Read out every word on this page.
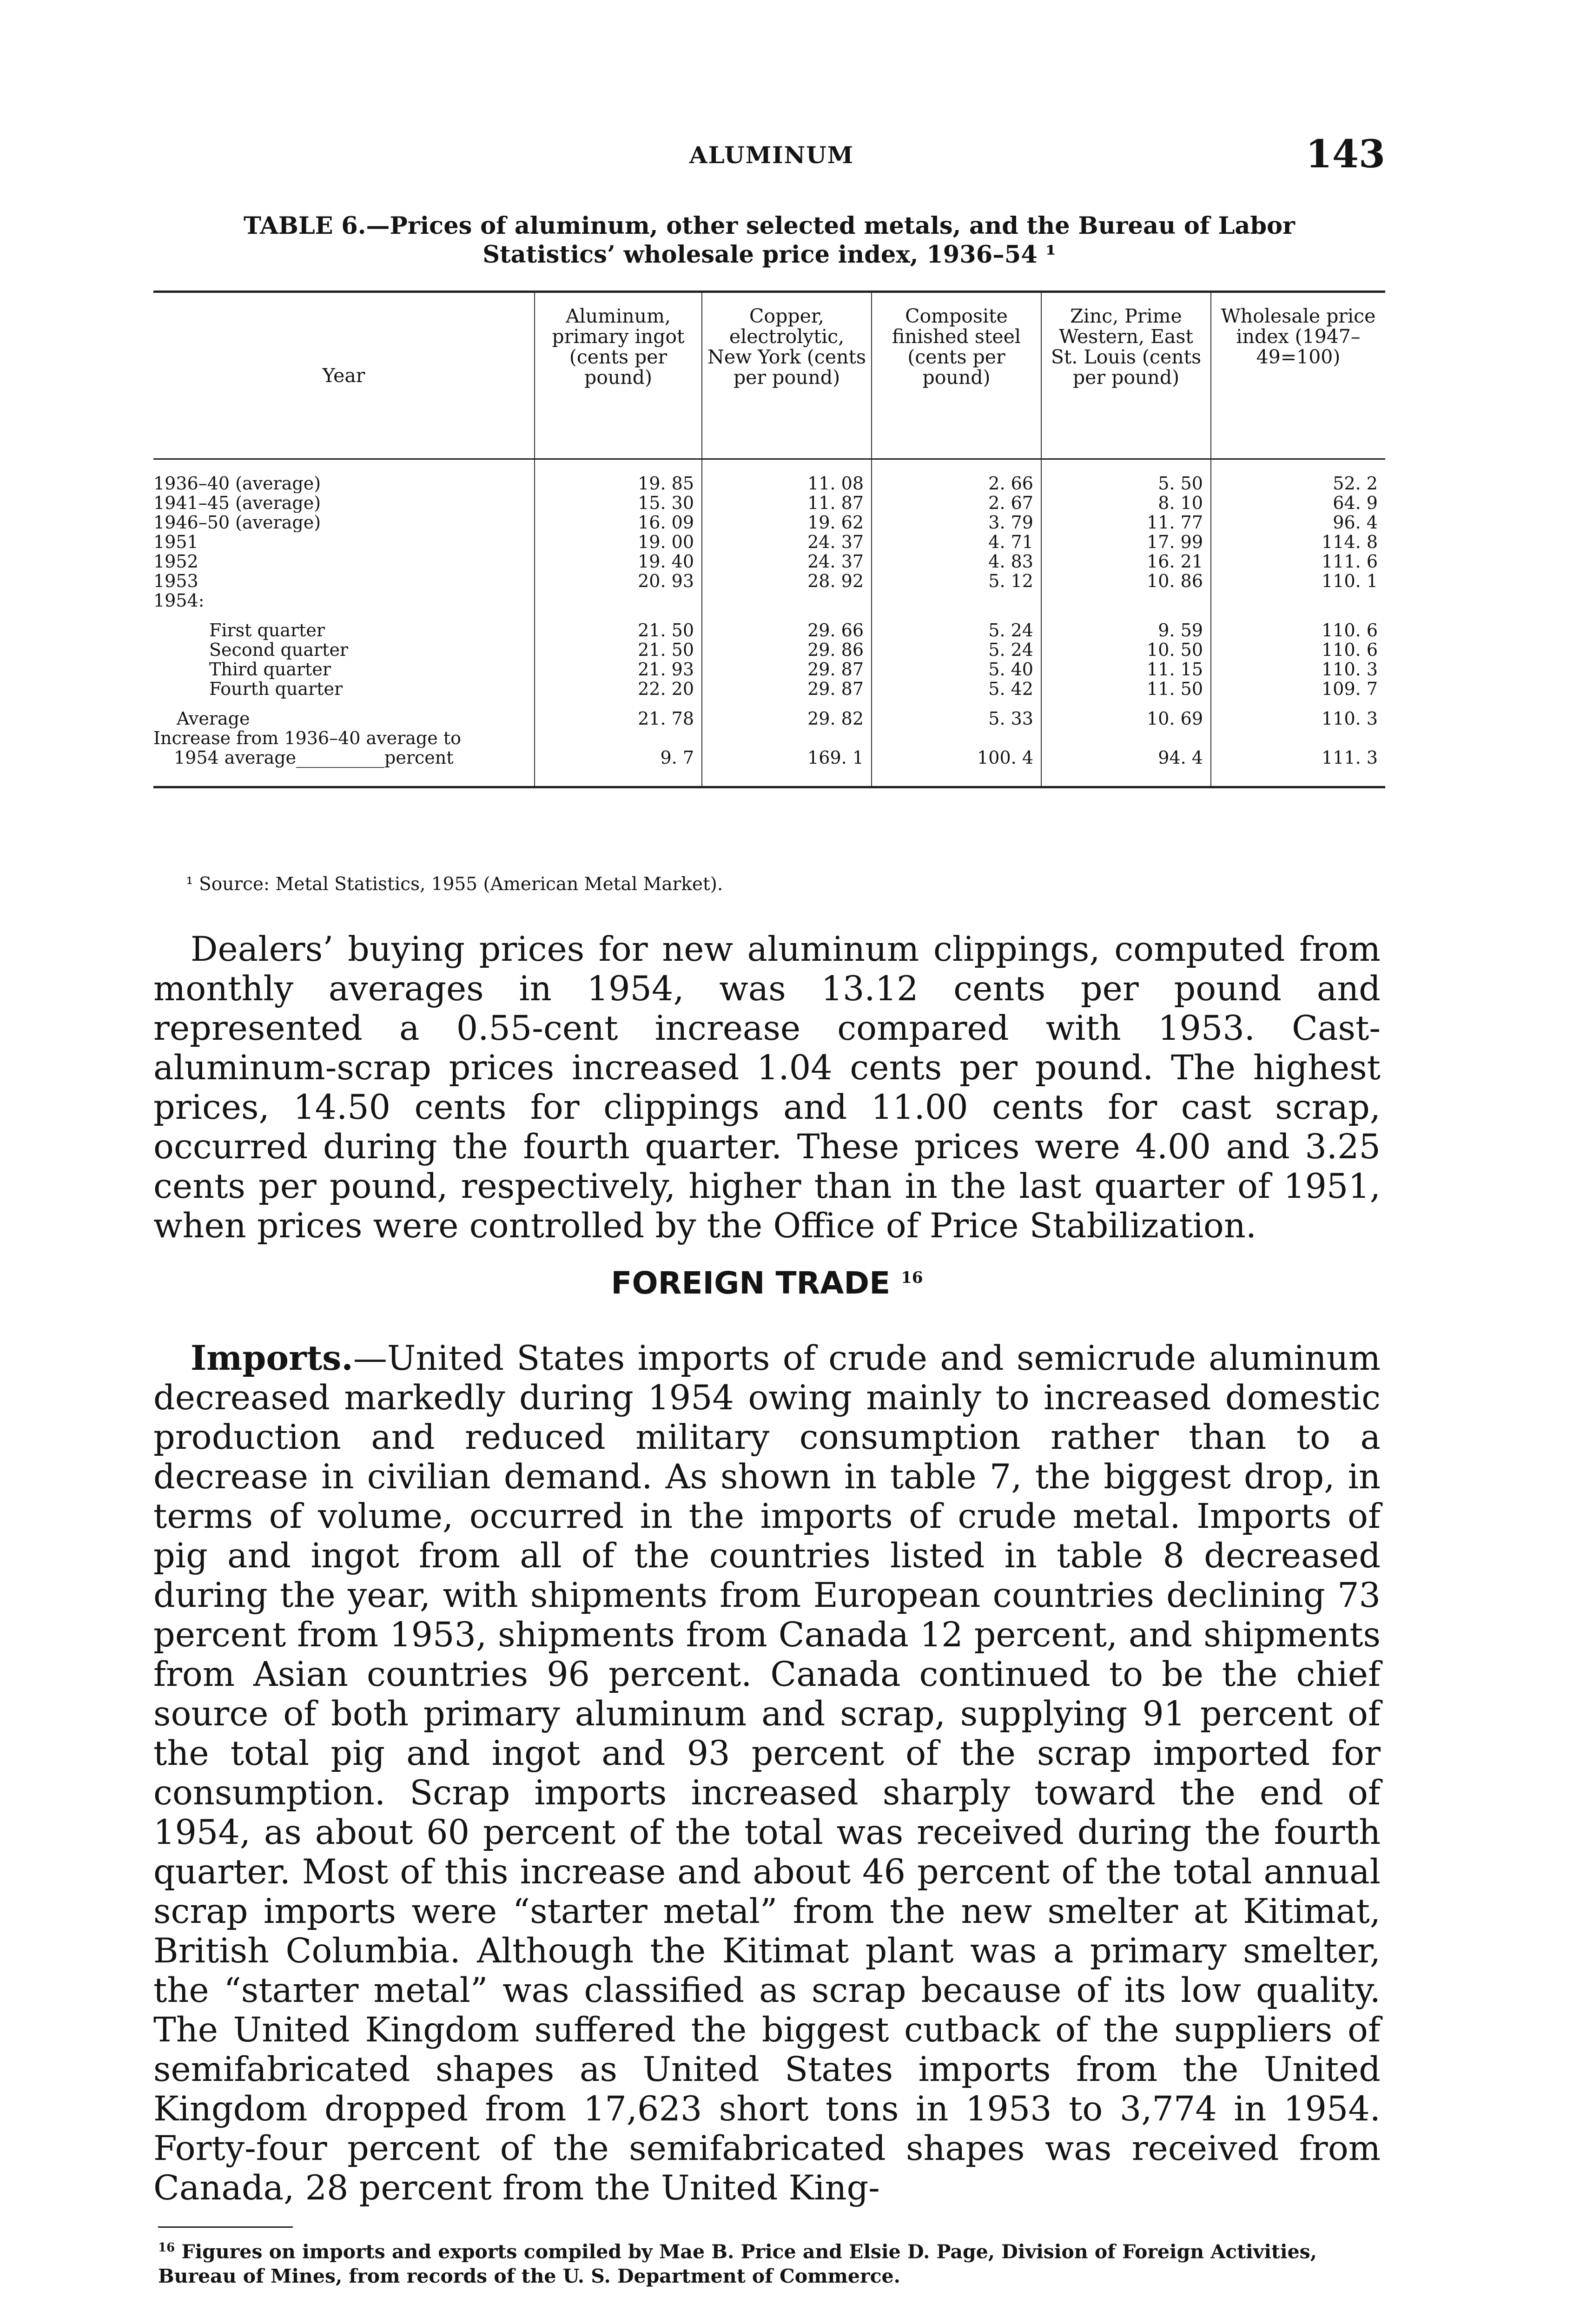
ALUMINUM	143
TABLE 6.—Prices of aluminum, other selected metals, and the Bureau of Labor
Statistics’ wholesale price index, 1936–54 ¹
Year	Aluminum, primary ingot (cents per pound)	Copper, electrolytic, New York (cents per pound)	Composite finished steel (cents per pound)	Zinc, Prime Western, East St. Louis (cents per pound)	Wholesale price index (1947–49=100)
1936–40 (average)	19. 85	11. 08	2. 66	5. 50	52. 2
1941–45 (average)	15. 30	11. 87	2. 67	8. 10	64. 9
1946–50 (average)	16. 09	19. 62	3. 79	11. 77	96. 4
1951	19. 00	24. 37	4. 71	17. 99	114. 8
1952	19. 40	24. 37	4. 83	16. 21	111. 6
1953	20. 93	28. 92	5. 12	10. 86	110. 1
1954:					
First quarter	21. 50	29. 66	5. 24	9. 59	110. 6
Second quarter	21. 50	29. 86	5. 24	10. 50	110. 6
Third quarter	21. 93	29. 87	5. 40	11. 15	110. 3
Fourth quarter	22. 20	29. 87	5. 42	11. 50	109. 7
Average	21. 78	29. 82	5. 33	10. 69	110. 3
Increase from 1936–40 average to					
1954 average__________percent	9. 7	169. 1	100. 4	94. 4	111. 3
¹ Source: Metal Statistics, 1955 (American Metal Market).

Dealers’ buying prices for new aluminum clippings, computed from monthly averages in 1954, was 13.12 cents per pound and represented a 0.55-cent increase compared with 1953. Cast-aluminum-scrap prices increased 1.04 cents per pound. The highest prices, 14.50 cents for clippings and 11.00 cents for cast scrap, occurred during the fourth quarter. These prices were 4.00 and 3.25 cents per pound, respectively, higher than in the last quarter of 1951, when prices were controlled by the Office of Price Stabilization.

FOREIGN TRADE $^{16}$

Imports.—United States imports of crude and semicrude aluminum decreased markedly during 1954 owing mainly to increased domestic production and reduced military consumption rather than to a decrease in civilian demand. As shown in table 7, the biggest drop, in terms of volume, occurred in the imports of crude metal. Imports of pig and ingot from all of the countries listed in table 8 decreased during the year, with shipments from European countries declining 73 percent from 1953, shipments from Canada 12 percent, and shipments from Asian countries 96 percent. Canada continued to be the chief source of both primary aluminum and scrap, supplying 91 percent of the total pig and ingot and 93 percent of the scrap imported for consumption. Scrap imports increased sharply toward the end of 1954, as about 60 percent of the total was received during the fourth quarter. Most of this increase and about 46 percent of the total annual scrap imports were “starter metal” from the new smelter at Kitimat, British Columbia. Although the Kitimat plant was a primary smelter, the “starter metal” was classified as scrap because of its low quality. The United Kingdom suffered the biggest cutback of the suppliers of semifabricated shapes as United States imports from the United Kingdom dropped from 17,623 short tons in 1953 to 3,774 in 1954. Forty-four percent of the semifabricated shapes was received from Canada, 28 percent from the United King-

$^{16}$ Figures on imports and exports compiled by Mae B. Price and Elsie D. Page, Division of Foreign Activities, Bureau of Mines, from records of the U. S. Department of Commerce.
